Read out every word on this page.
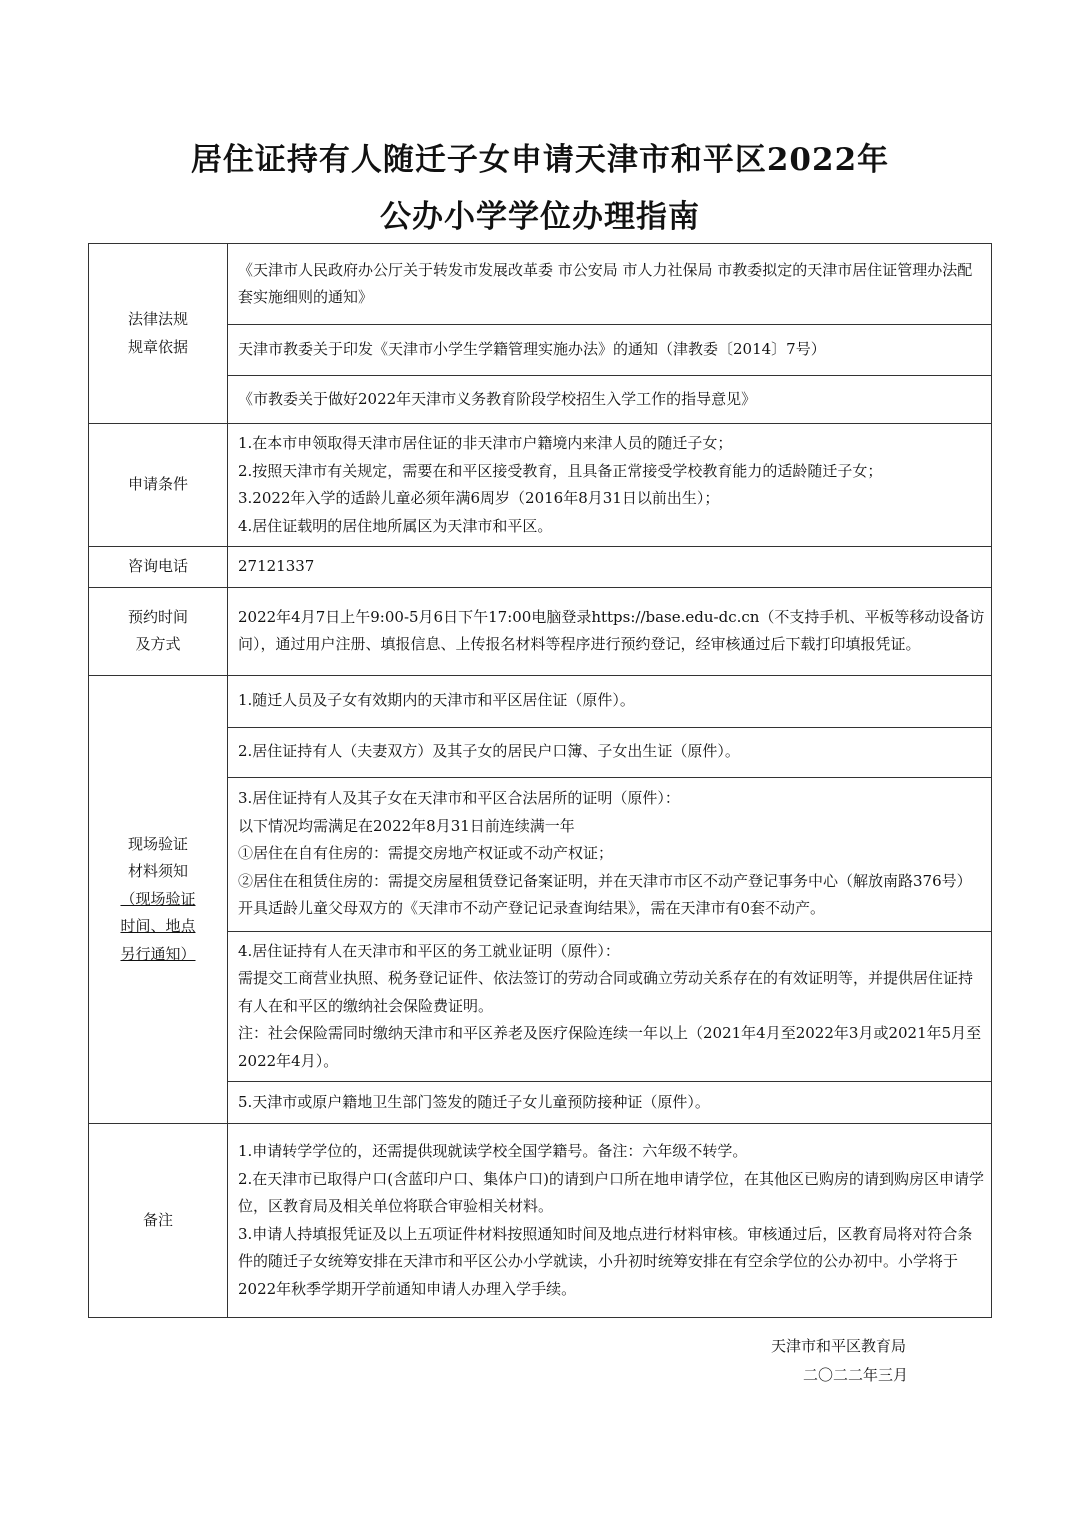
居住证持有人随迁子女申请天津市和平区2022年
公办小学学位办理指南
法律法规
规章依据	《天津市人民政府办公厅关于转发市发展改革委 市公安局 市人力社保局 市教委拟定的天津市居住证管理办法配套实施细则的通知》
	天津市教委关于印发《天津市小学生学籍管理实施办法》的通知（津教委〔2014〕7号）
	《市教委关于做好2022年天津市义务教育阶段学校招生入学工作的指导意见》
申请条件	1.在本市申领取得天津市居住证的非天津市户籍境内来津人员的随迁子女；
2.按照天津市有关规定，需要在和平区接受教育，且具备正常接受学校教育能力的适龄随迁子女；
3.2022年入学的适龄儿童必须年满6周岁（2016年8月31日以前出生）；
4.居住证载明的居住地所属区为天津市和平区。

咨询电话	27121337

预约时间
及方式	2022年4月7日上午9:00-5月6日下午17:00电脑登录https://base.edu-dc.cn（不支持手机、平板等移动设备访问），通过用户注册、填报信息、上传报名材料等程序进行预约登记，经审核通过后下载打印填报凭证。

现场验证
材料须知
（现场验证
时间、地点
另行通知）	1.随迁人员及子女有效期内的天津市和平区居住证（原件）。
	2.居住证持有人（夫妻双方）及其子女的居民户口簿、子女出生证（原件）。

	3.居住证持有人及其子女在天津市和平区合法居所的证明（原件）：
以下情况均需满足在2022年8月31日前连续满一年
①居住在自有住房的：需提交房地产权证或不动产权证；
②居住在租赁住房的：需提交房屋租赁登记备案证明，并在天津市市区不动产登记事务中心（解放南路376号）开具适龄儿童父母双方的《天津市不动产登记记录查询结果》，需在天津市有0套不动产。

	4.居住证持有人在天津市和平区的务工就业证明（原件）：
需提交工商营业执照、税务登记证件、依法签订的劳动合同或确立劳动关系存在的有效证明等，并提供居住证持有人在和平区的缴纳社会保险费证明。
注：社会保险需同时缴纳天津市和平区养老及医疗保险连续一年以上（2021年4月至2022年3月或2021年5月至2022年4月）。

	5.天津市或原户籍地卫生部门签发的随迁子女儿童预防接种证（原件）。
备注	1.申请转学学位的，还需提供现就读学校全国学籍号。备注：六年级不转学。
2.在天津市已取得户口(含蓝印户口、集体户口)的请到户口所在地申请学位，在其他区已购房的请到购房区申请学位，区教育局及相关单位将联合审验相关材料。
3.申请人持填报凭证及以上五项证件材料按照通知时间及地点进行材料审核。审核通过后，区教育局将对符合条件的随迁子女统筹安排在天津市和平区公办小学就读，小升初时统筹安排在有空余学位的公办初中。小学将于2022年秋季学期开学前通知申请人办理入学手续。
天津市和平区教育局
二〇二二年三月
